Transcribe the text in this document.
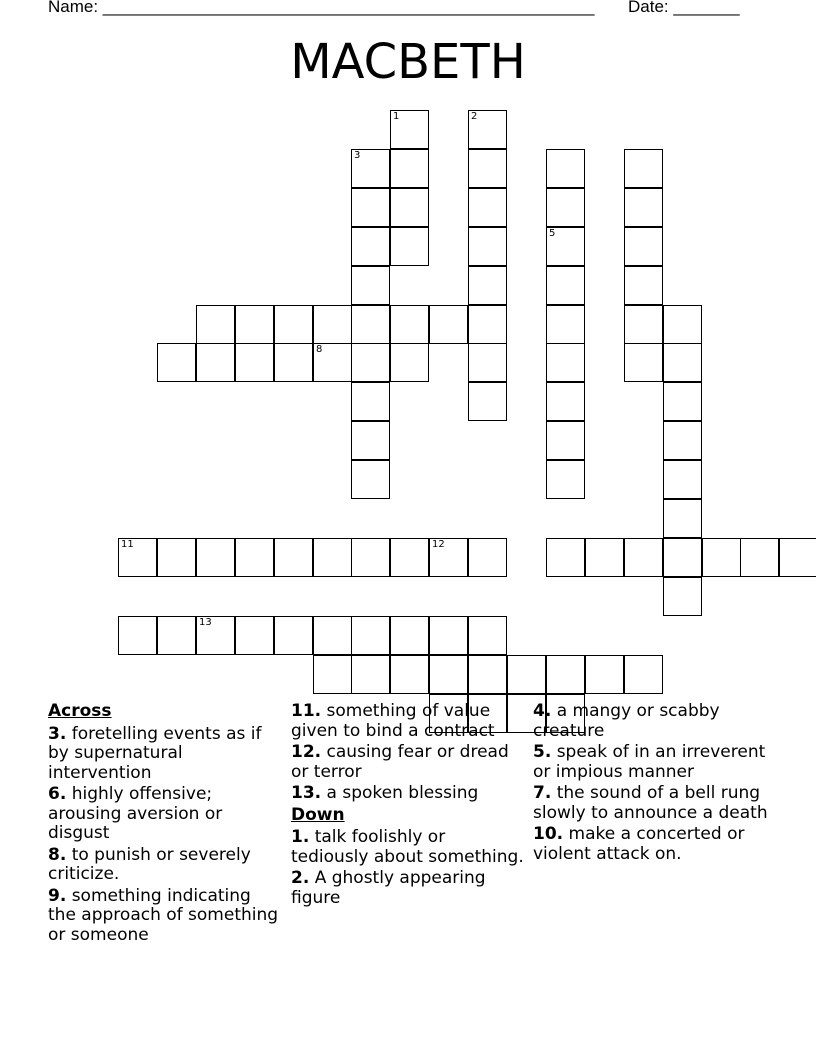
Name: ____________________________________________________ Date: _______
MACBETH
3
1	2
5
8
11	12
13
Across
3. foretelling events as if by supernatural intervention
6. highly offensive; arousing aversion or disgust
8. to punish or severely criticize.
9. something indicating the approach of something or someone
11. something of value given to bind a contract
12. causing fear or dread or terror
13. a spoken blessing
Down
1. talk foolishly or tediously about something.
2. A ghostly appearing figure
4. a mangy or scabby creature
5. speak of in an irreverent or impious manner
7. the sound of a bell rung slowly to announce a death
10. make a concerted or violent attack on.
